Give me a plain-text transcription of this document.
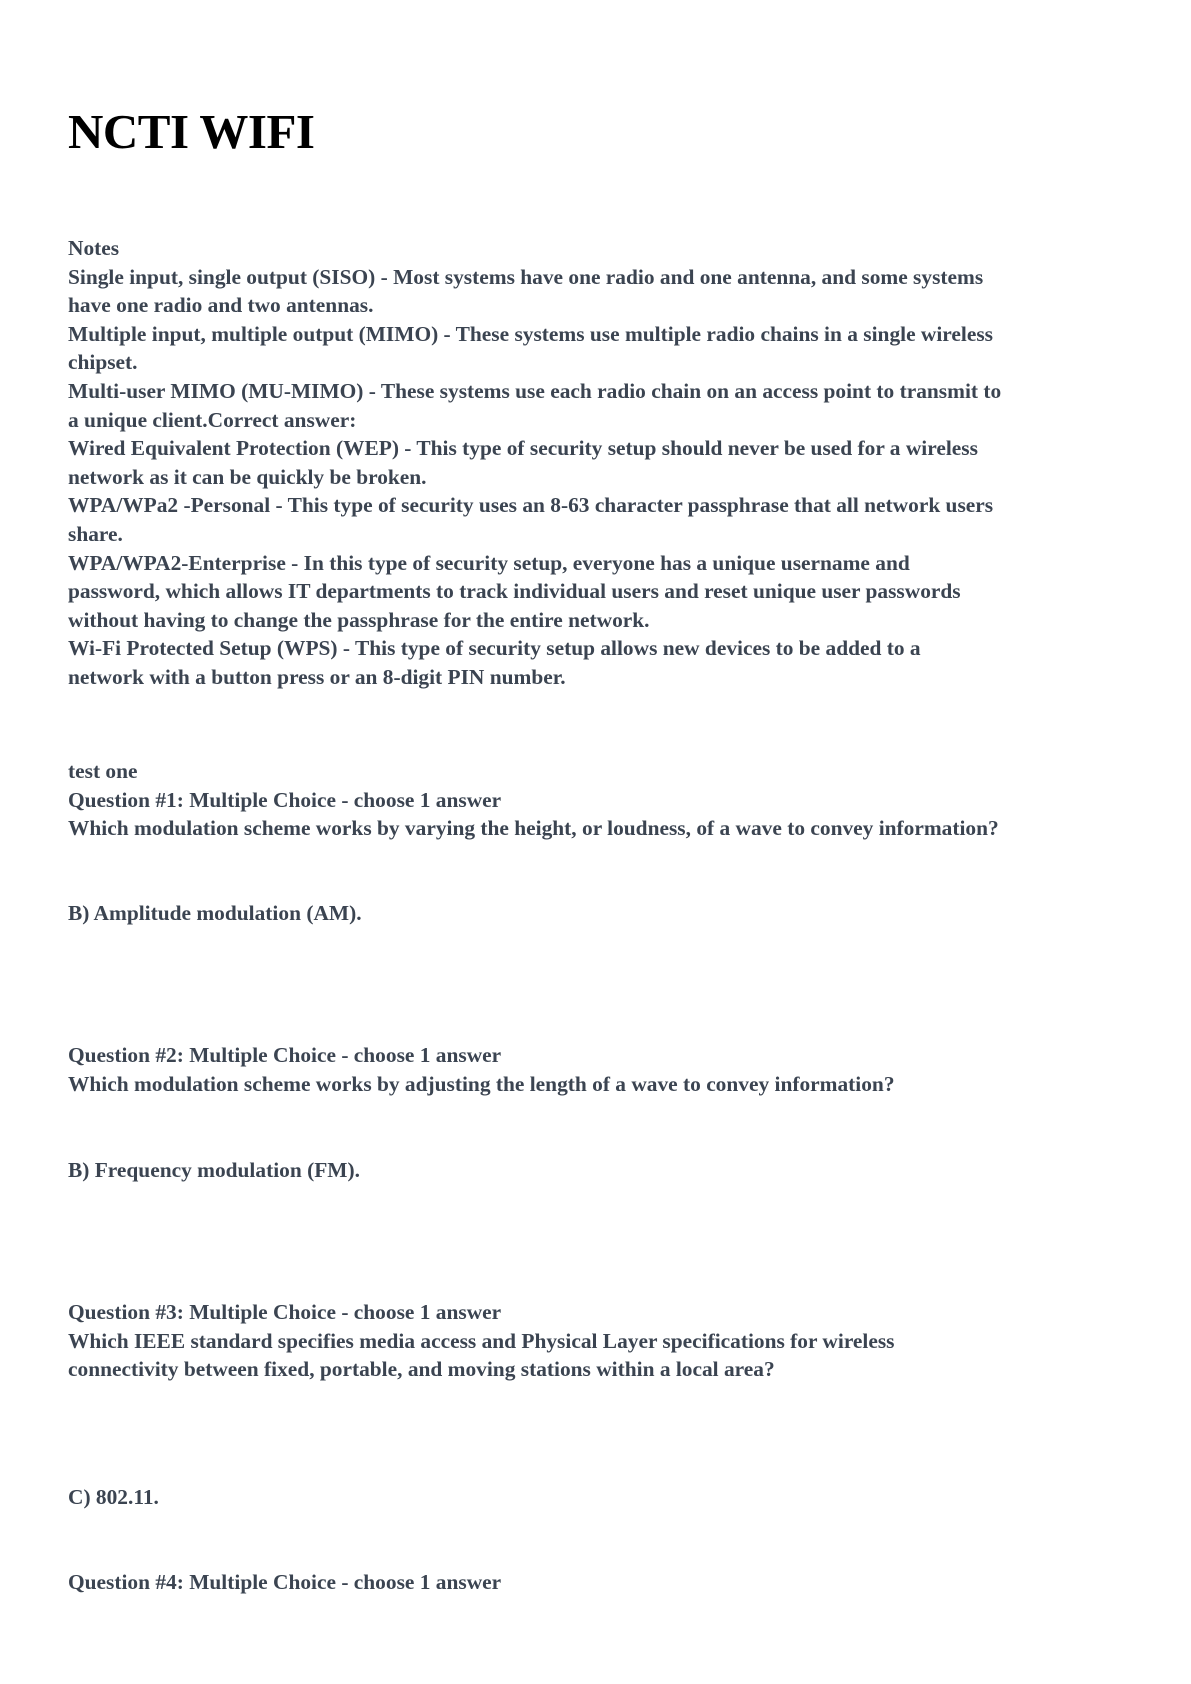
NCTI WIFI
Notes
Single input, single output (SISO) - Most systems have one radio and one antenna, and some systems
have one radio and two antennas.
Multiple input, multiple output (MIMO) - These systems use multiple radio chains in a single wireless
chipset.
Multi-user MIMO (MU-MIMO) - These systems use each radio chain on an access point to transmit to
a unique client.Correct answer:
Wired Equivalent Protection (WEP) - This type of security setup should never be used for a wireless
network as it can be quickly be broken.
WPA/WPa2 -Personal - This type of security uses an 8-63 character passphrase that all network users
share.
WPA/WPA2-Enterprise - In this type of security setup, everyone has a unique username and
password, which allows IT departments to track individual users and reset unique user passwords
without having to change the passphrase for the entire network.
Wi-Fi Protected Setup (WPS) - This type of security setup allows new devices to be added to a
network with a button press or an 8-digit PIN number.
test one
Question #1: Multiple Choice - choose 1 answer
Which modulation scheme works by varying the height, or loudness, of a wave to convey information?
B) Amplitude modulation (AM).
Question #2: Multiple Choice - choose 1 answer
Which modulation scheme works by adjusting the length of a wave to convey information?
B) Frequency modulation (FM).
Question #3: Multiple Choice - choose 1 answer
Which IEEE standard specifies media access and Physical Layer specifications for wireless
connectivity between fixed, portable, and moving stations within a local area?
C) 802.11.
Question #4: Multiple Choice - choose 1 answer
